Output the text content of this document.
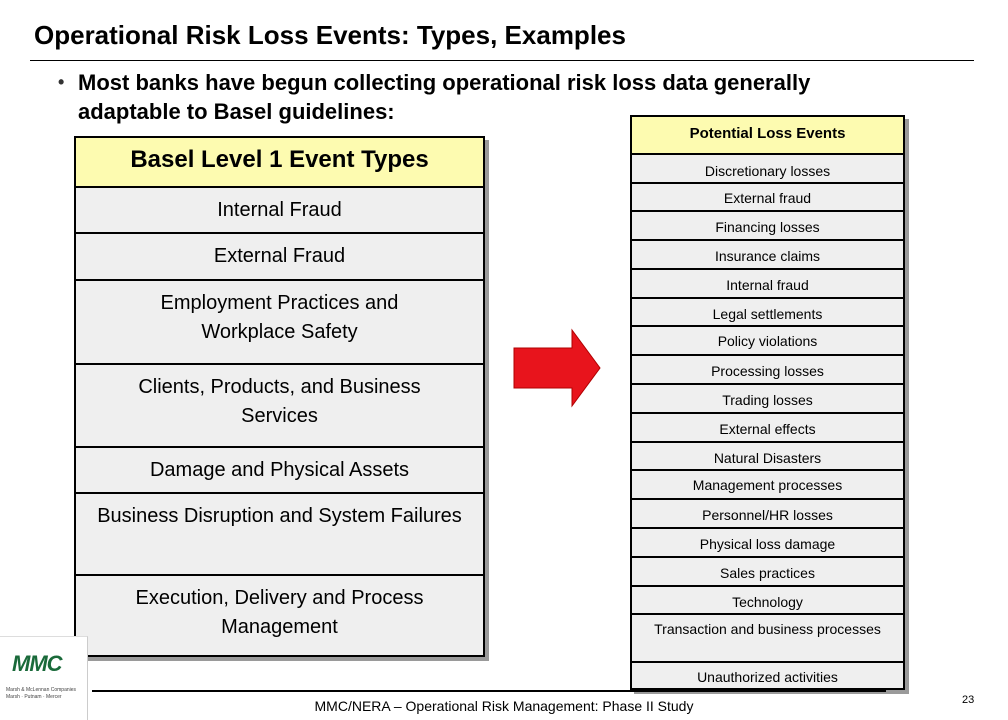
Operational Risk Loss Events: Types, Examples
• Most banks have begun collecting operational risk loss data generally adaptable to Basel guidelines:
Basel Level 1 Event Types
Internal Fraud
External Fraud
Employment Practices and Workplace Safety
Clients, Products, and Business Services
Damage and Physical Assets
Business Disruption and System Failures
Execution, Delivery and Process Management
Potential Loss Events
Discretionary losses
External fraud
Financing losses
Insurance claims
Internal fraud
Legal settlements
Policy violations
Processing losses
Trading losses
External effects
Natural Disasters
Management processes
Personnel/HR losses
Physical loss damage
Sales practices
Technology
Transaction and business processes
Unauthorized activities
MMC
Marsh & McLennan Companies Marsh · Putnam · Mercer
MMC/NERA – Operational Risk Management: Phase II Study	23
